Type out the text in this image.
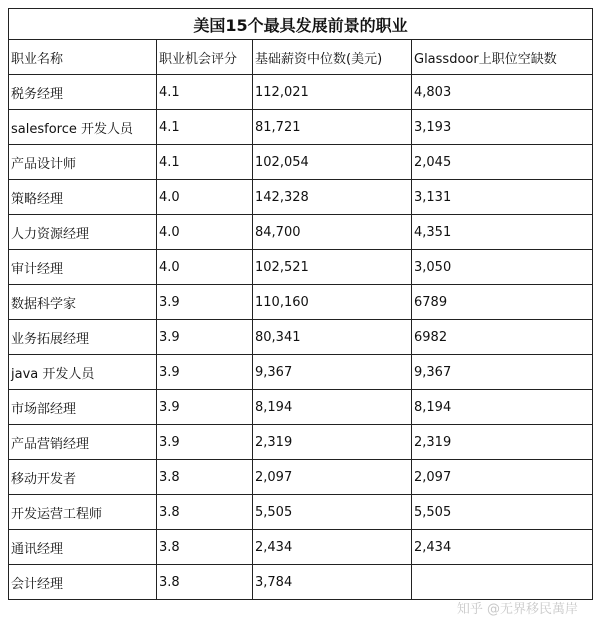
美国15个最具发展前景的职业			
职业名称	职业机会评分	基础薪资中位数(美元)	Glassdoor上职位空缺数
税务经理	4.1	112,021	4,803
salesforce 开发人员	4.1	81,721	3,193
产品设计师	4.1	102,054	2,045
策略经理	4.0	142,328	3,131
人力资源经理	4.0	84,700	4,351
审计经理	4.0	102,521	3,050
数据科学家	3.9	110,160	6789
业务拓展经理	3.9	80,341	6982
java 开发人员	3.9	9,367	9,367
市场部经理	3.9	8,194	8,194
产品营销经理	3.9	2,319	2,319
移动开发者	3.8	2,097	2,097
开发运营工程师	3.8	5,505	5,505
通讯经理	3.8	2,434	2,434
会计经理	3.8	3,784	
知乎 @无界移民萬岸
